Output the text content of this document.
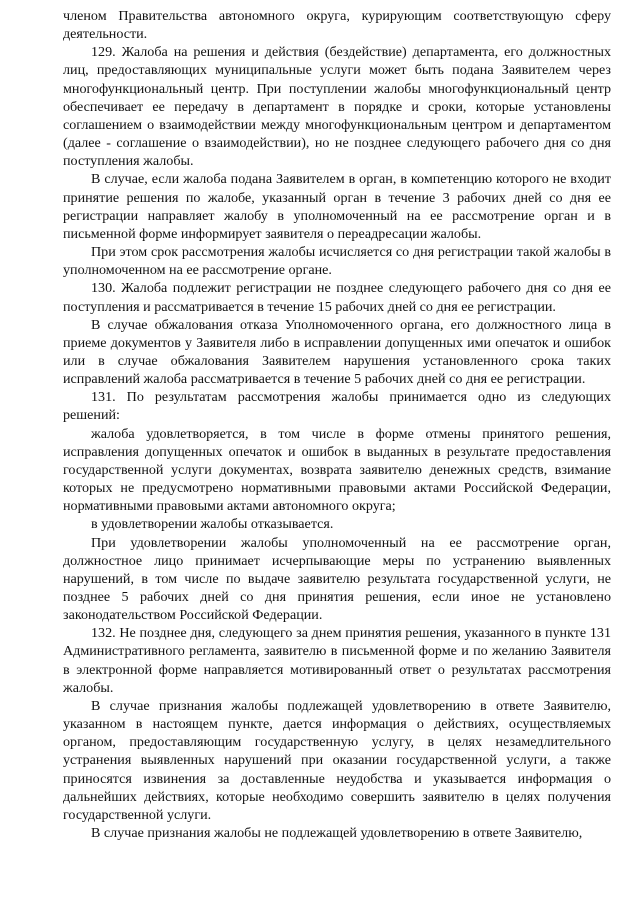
членом Правительства автономного округа, курирующим соответствующую сферу деятельности.

129. Жалоба на решения и действия (бездействие) департамента, его должностных лиц, предоставляющих муниципальные услуги может быть подана Заявителем через многофункциональный центр. При поступлении жалобы многофункциональный центр обеспечивает ее передачу в департамент в порядке и сроки, которые установлены соглашением о взаимодействии между многофункциональным центром и департаментом (далее - соглашение о взаимодействии), но не позднее следующего рабочего дня со дня поступления жалобы.

В случае, если жалоба подана Заявителем в орган, в компетенцию которого не входит принятие решения по жалобе, указанный орган в течение 3 рабочих дней со дня ее регистрации направляет жалобу в уполномоченный на ее рассмотрение орган и в письменной форме информирует заявителя о переадресации жалобы.

При этом срок рассмотрения жалобы исчисляется со дня регистрации такой жалобы в уполномоченном на ее рассмотрение органе.

130. Жалоба подлежит регистрации не позднее следующего рабочего дня со дня ее поступления и рассматривается в течение 15 рабочих дней со дня ее регистрации.

В случае обжалования отказа Уполномоченного органа, его должностного лица в приеме документов у Заявителя либо в исправлении допущенных ими опечаток и ошибок или в случае обжалования Заявителем нарушения установленного срока таких исправлений жалоба рассматривается в течение 5 рабочих дней со дня ее регистрации.

131. По результатам рассмотрения жалобы принимается одно из следующих решений:

жалоба удовлетворяется, в том числе в форме отмены принятого решения, исправления допущенных опечаток и ошибок в выданных в результате предоставления государственной услуги документах, возврата заявителю денежных средств, взимание которых не предусмотрено нормативными правовыми актами Российской Федерации, нормативными правовыми актами автономного округа;

в удовлетворении жалобы отказывается.

При удовлетворении жалобы уполномоченный на ее рассмотрение орган, должностное лицо принимает исчерпывающие меры по устранению выявленных нарушений, в том числе по выдаче заявителю результата государственной услуги, не позднее 5 рабочих дней со дня принятия решения, если иное не установлено законодательством Российской Федерации.

132. Не позднее дня, следующего за днем принятия решения, указанного в пункте 131 Административного регламента, заявителю в письменной форме и по желанию Заявителя в электронной форме направляется мотивированный ответ о результатах рассмотрения жалобы.

В случае признания жалобы подлежащей удовлетворению в ответе Заявителю, указанном в настоящем пункте, дается информация о действиях, осуществляемых органом, предоставляющим государственную услугу, в целях незамедлительного устранения выявленных нарушений при оказании государственной услуги, а также приносятся извинения за доставленные неудобства и указывается информация о дальнейших действиях, которые необходимо совершить заявителю в целях получения государственной услуги.

В случае признания жалобы не подлежащей удовлетворению в ответе Заявителю,
